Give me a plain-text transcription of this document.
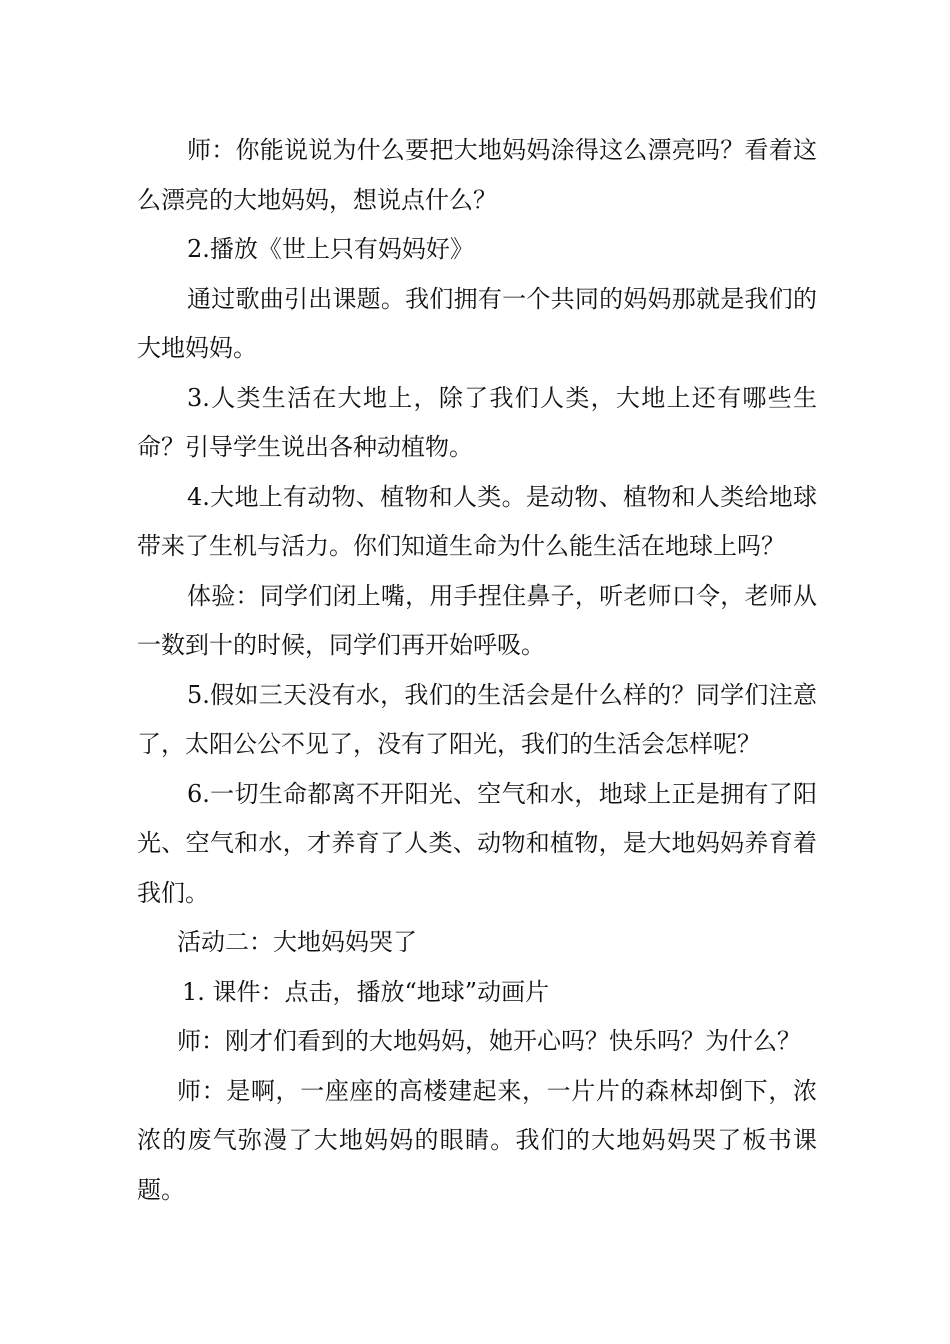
师：你能说说为什么要把大地妈妈涂得这么漂亮吗？看着这么漂亮的大地妈妈，想说点什么？

2.播放《世上只有妈妈好》

通过歌曲引出课题。我们拥有一个共同的妈妈那就是我们的大地妈妈。

3.人类生活在大地上，除了我们人类，大地上还有哪些生命？引导学生说出各种动植物。

4.大地上有动物、植物和人类。是动物、植物和人类给地球带来了生机与活力。你们知道生命为什么能生活在地球上吗？

体验：同学们闭上嘴，用手捏住鼻子，听老师口令，老师从一数到十的时候，同学们再开始呼吸。

5.假如三天没有水，我们的生活会是什么样的？同学们注意了，太阳公公不见了，没有了阳光，我们的生活会怎样呢？

6.一切生命都离不开阳光、空气和水，地球上正是拥有了阳光、空气和水，才养育了人类、动物和植物，是大地妈妈养育着我们。

活动二：大地妈妈哭了

1. 课件：点击，播放“地球”动画片

师：刚才们看到的大地妈妈，她开心吗？快乐吗？为什么？

师：是啊，一座座的高楼建起来，一片片的森林却倒下，浓浓的废气弥漫了大地妈妈的眼睛。我们的大地妈妈哭了板书课题。
